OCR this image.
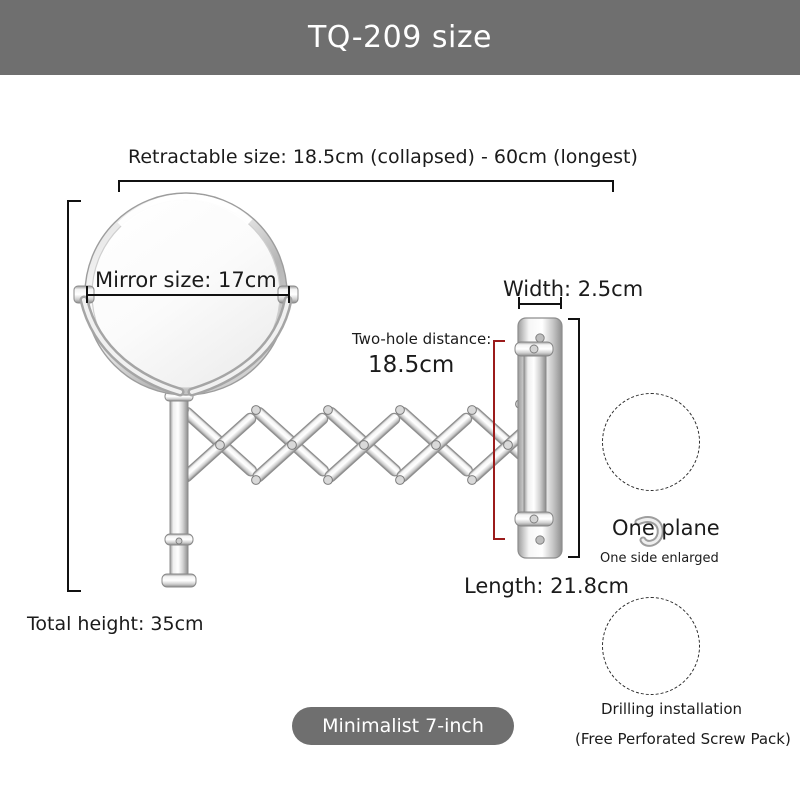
TQ-209 size
Retractable size: 18.5cm (collapsed) - 60cm (longest)
Mirror size: 17cm
Two-hole distance:
18.5cm
Width: 2.5cm
Length: 21.8cm
Total height: 35cm
One plane
One side enlarged
Drilling installation
(Free Perforated Screw Pack)
Minimalist 7-inch
